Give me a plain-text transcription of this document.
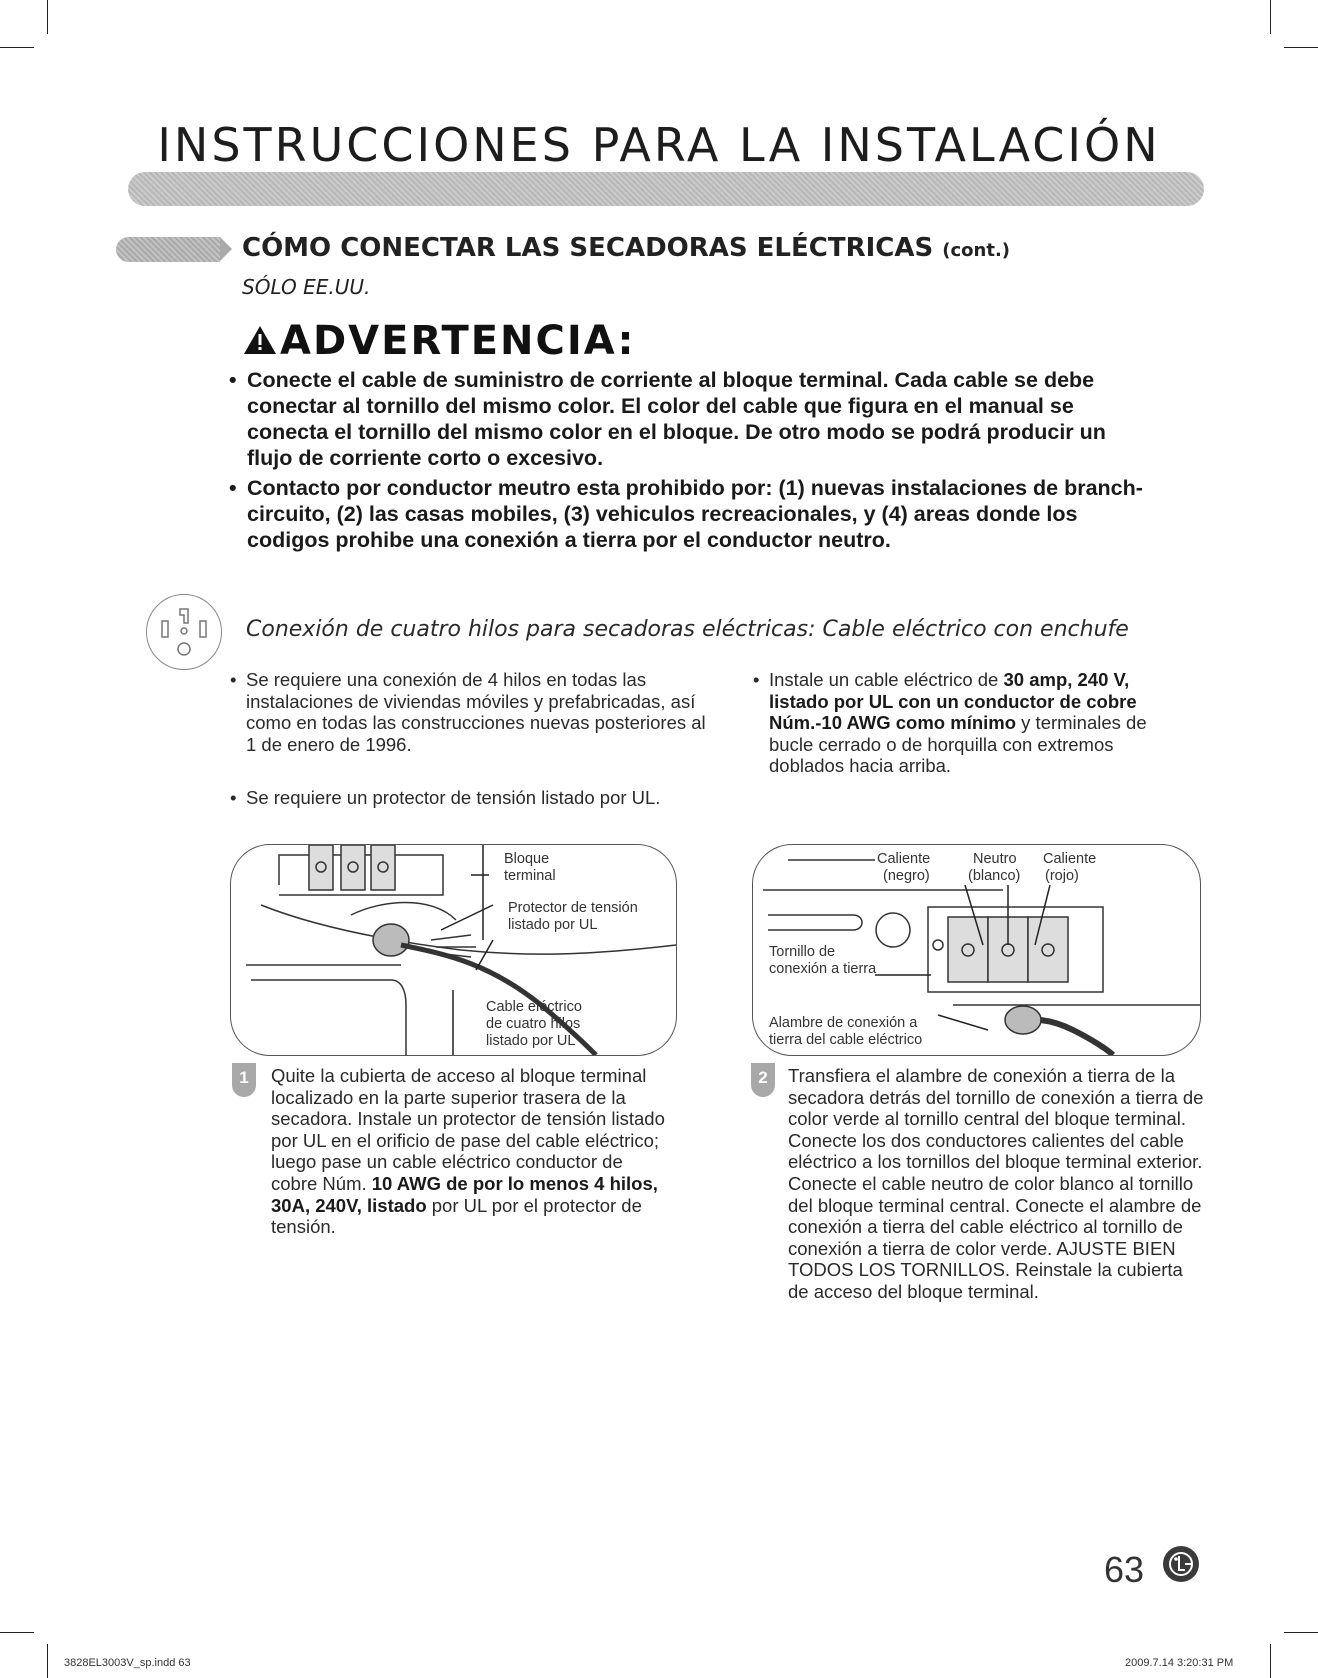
INSTRUCCIONES PARA LA INSTALACIÓN
CÓMO CONECTAR LAS SECADORAS ELÉCTRICAS (cont.)
SÓLO EE.UU.
ADVERTENCIA:
• Conecte el cable de suministro de corriente al bloque terminal. Cada cable se debe conectar al tornillo del mismo color. El color del cable que figura en el manual se conecta el tornillo del mismo color en el bloque. De otro modo se podrá producir un flujo de corriente corto o excesivo.
• Contacto por conductor meutro esta prohibido por: (1) nuevas instalaciones de branch-circuito, (2) las casas mobiles, (3) vehiculos recreacionales, y (4) areas donde los codigos prohibe una conexión a tierra por el conductor neutro.
Conexión de cuatro hilos para secadoras eléctricas: Cable eléctrico con enchufe
• Se requiere una conexión de 4 hilos en todas las instalaciones de viviendas móviles y prefabricadas, así como en todas las construcciones nuevas posteriores al 1 de enero de 1996.
• Se requiere un protector de tensión listado por UL.
• Instale un cable eléctrico de 30 amp, 240 V, listado por UL con un conductor de cobre Núm.-10 AWG como mínimo y terminales de bucle cerrado o de horquilla con extremos doblados hacia arriba.
Bloque
terminal
Protector de tensión
listado por UL
Cable eléctrico
de cuatro hilos
listado por UL
Caliente
(negro)
Neutro
(blanco)
Caliente
(rojo)
Tornillo de
conexión a tierra
Alambre de conexión a
tierra del cable eléctrico
1	Quite la cubierta de acceso al bloque terminal localizado en la parte superior trasera de la secadora. Instale un protector de tensión listado por UL en el orificio de pase del cable eléctrico; luego pase un cable eléctrico conductor de cobre Núm. 10 AWG de por lo menos 4 hilos, 30A, 240V, listado por UL por el protector de tensión.
2	Transfiera el alambre de conexión a tierra de la secadora detrás del tornillo de conexión a tierra de color verde al tornillo central del bloque terminal. Conecte los dos conductores calientes del cable eléctrico a los tornillos del bloque terminal exterior. Conecte el cable neutro de color blanco al tornillo del bloque terminal central. Conecte el alambre de conexión a tierra del cable eléctrico al tornillo de conexión a tierra de color verde. AJUSTE BIEN TODOS LOS TORNILLOS. Reinstale la cubierta de acceso del bloque terminal.
63
3828EL3003V_sp.indd 63	2009.7.14 3:20:31 PM
